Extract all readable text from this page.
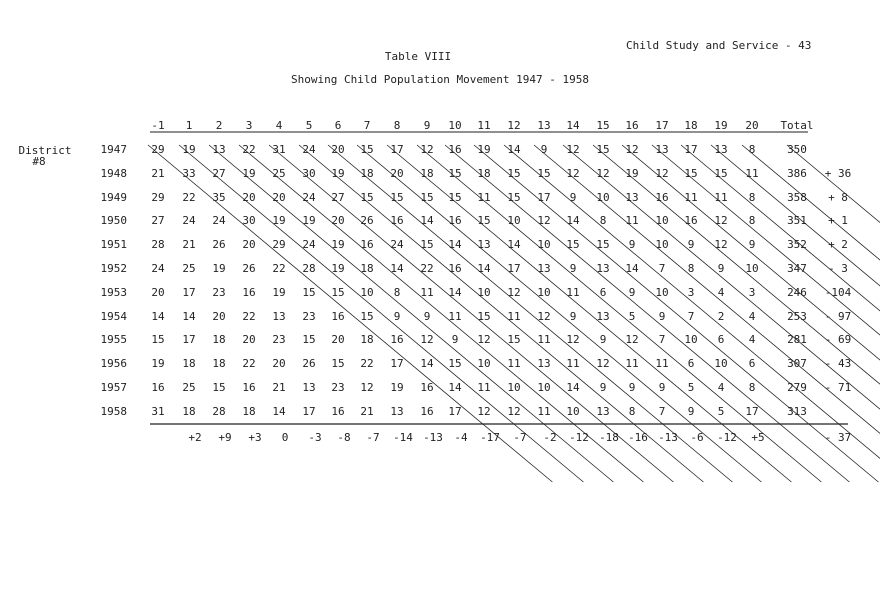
Child Study and Service - 43
Table VIII
Showing Child Population Movement 1947 - 1958
District
#8
-1 1 2 3 4 5 6 7 8 9 10 11 12 13 14 15 16 17 18 19 20 Total
1947 29 19 13 22 31 24 20 15 17 12 16 19 14 9 12 15 12 13 17 13 8	350
1948 21 33 27 19 25 30 19 18 20 18 15 18 15 15 12 12 19 12 15 15 11	386 + 36
1949 29 22 35 20 20 24 27 15 15 15 15 11 15 17 9 10 13 16 11 11 8	358 + 8
1950 27 24 24 30 19 19 20 26 16 14 16 15 10 12 14 8 11 10 16 12 8	351 + 1
1951 28 21 26 20 29 24 19 16 24 15 14 13 14 10 15 15 9 10 9 12 9	352 + 2
1952 24 25 19 26 22 28 19 18 14 22 16 14 17 13 9 13 14 7 8 9 10	347 - 3
1953 20 17 23 16 19 15 15 10 8 11 14 10 12 10 11 6 9 10 3 4 3	246 -104
1954 14 14 20 22 13 23 16 15 9 9 11 15 11 12 9 13 5 9 7 2 4	253 - 97
1955 15 17 18 20 23 15 20 18 16 12 9 12 15 11 12 9 12 7 10 6 4	281 - 69
1956 19 18 18 22 20 26 15 22 17 14 15 10 11 13 11 12 11 11 6 10 6	307 - 43
1957 16 25 15 16 21 13 23 12 19 16 14 11 10 10 14 9 9 9 5 4 8	279 - 71
1958 31 18 28 18 14 17 16 21 13 16 17 12 12 11 10 13 8 7 9 5 17	313
+2 +9 +3 0 -3 -8 -7 -14 -13 -4 -17 -7 -2 -12 -18 -16 -13 -6 -12 +5	- 37
